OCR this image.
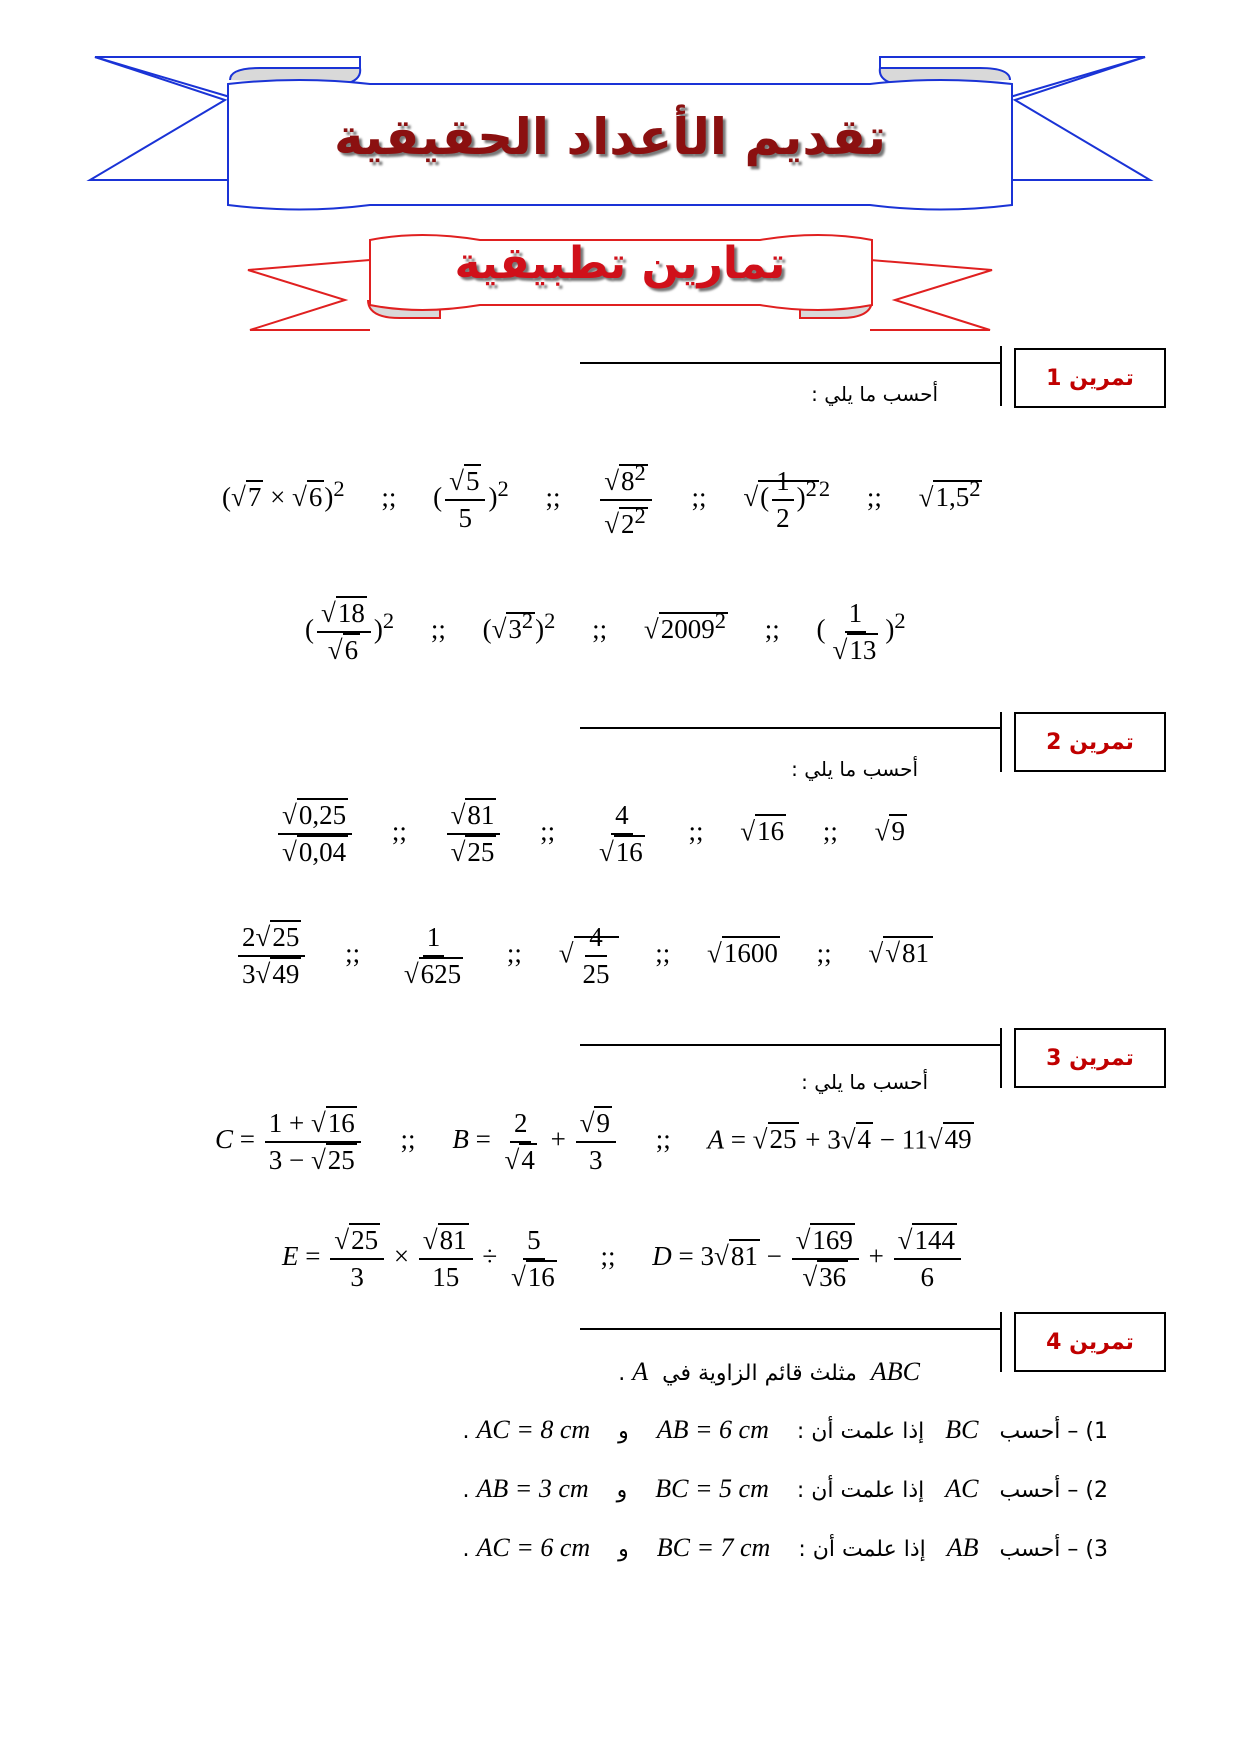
تقديم الأعداد الحقيقية
تمارين تطبيقية
تمرين 1
أحسب ما يلي :
$(√7 \times √6)^2$ ;; ( $\frac{√5}{5} )^2$ ;; $\frac{√8^2}{√2^2}$ ;; √( $\frac{1}{2} )^{22}$ ;; $√1,5^2$
( $\frac{√18}{√6} )^2$ ;; $(√3^2)^2$ ;; √2009$^2$ ;; ( $\frac{1}{√13} )^2$
تمرين 2
أحسب ما يلي :
$\frac{√0,25}{√0,04}$ ;; $\frac{√81}{√25}$ ;; $\frac{4}{√16}$ ;; √16 ;; √9
$\frac{2√25}{3√49}$ ;; $\frac{1}{√625}$ ;; √ $\frac{4}{25}$ ;; √1600 ;; √√81
تمرين 3
أحسب ما يلي :
$C = \frac{1 + √16}{3 - √25}$ ;; $B = \frac{2}{√4} + \frac{√9}{3}$ ;; A = √25 + 3√4 − 11√49
$E = \frac{√25}{3} \times \frac{√81}{15} \div \frac{5}{√16}$ ;; $D = 3√81 - \frac{√169}{√36} + \frac{√144}{6}$
تمرين 4
ABC  مثلث قائم الزاوية في  A .
1) – أحسب   BC   إذا علمت أن :    AB = 6 cm    و    AC = 8 cm .
2) – أحسب   AC   إذا علمت أن :    BC = 5 cm    و    AB = 3 cm .
3) – أحسب   AB   إذا علمت أن :    BC = 7 cm    و    AC = 6 cm .
